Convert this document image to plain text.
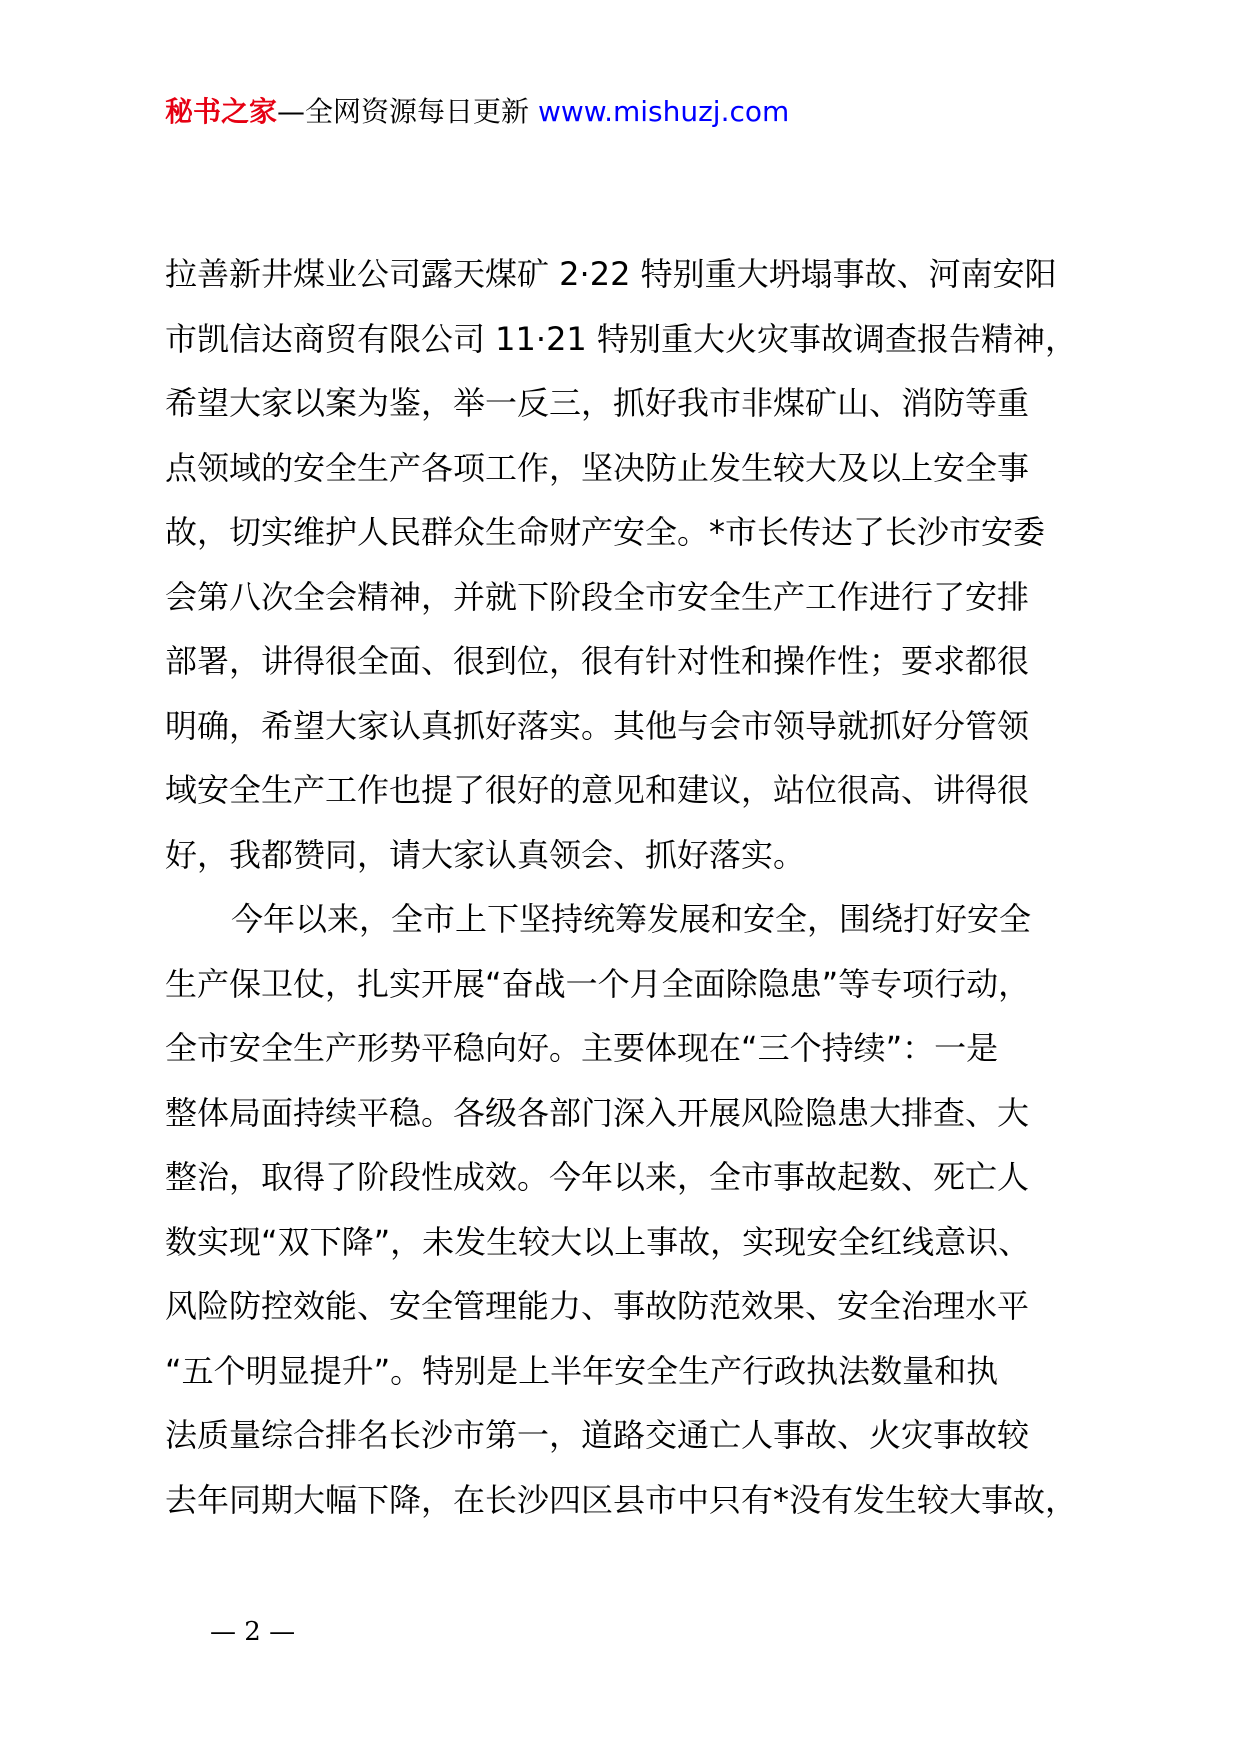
秘书之家—全网资源每日更新 www.mishuzj.com
拉善新井煤业公司露天煤矿 2·22 特别重大坍塌事故、河南安阳
市凯信达商贸有限公司 11·21 特别重大火灾事故调查报告精神，
希望大家以案为鉴，举一反三，抓好我市非煤矿山、消防等重
点领域的安全生产各项工作，坚决防止发生较大及以上安全事
故，切实维护人民群众生命财产安全。*市长传达了长沙市安委
会第八次全会精神，并就下阶段全市安全生产工作进行了安排
部署，讲得很全面、很到位，很有针对性和操作性；要求都很
明确，希望大家认真抓好落实。其他与会市领导就抓好分管领
域安全生产工作也提了很好的意见和建议，站位很高、讲得很
好，我都赞同，请大家认真领会、抓好落实。
今年以来，全市上下坚持统筹发展和安全，围绕打好安全
生产保卫仗，扎实开展“奋战一个月全面除隐患”等专项行动，
全市安全生产形势平稳向好。主要体现在“三个持续”：一是
整体局面持续平稳。各级各部门深入开展风险隐患大排查、大
整治，取得了阶段性成效。今年以来，全市事故起数、死亡人
数实现“双下降”，未发生较大以上事故，实现安全红线意识、
风险防控效能、安全管理能力、事故防范效果、安全治理水平
“五个明显提升”。特别是上半年安全生产行政执法数量和执
法质量综合排名长沙市第一，道路交通亡人事故、火灾事故较
去年同期大幅下降，在长沙四区县市中只有*没有发生较大事故，
— 2 —
